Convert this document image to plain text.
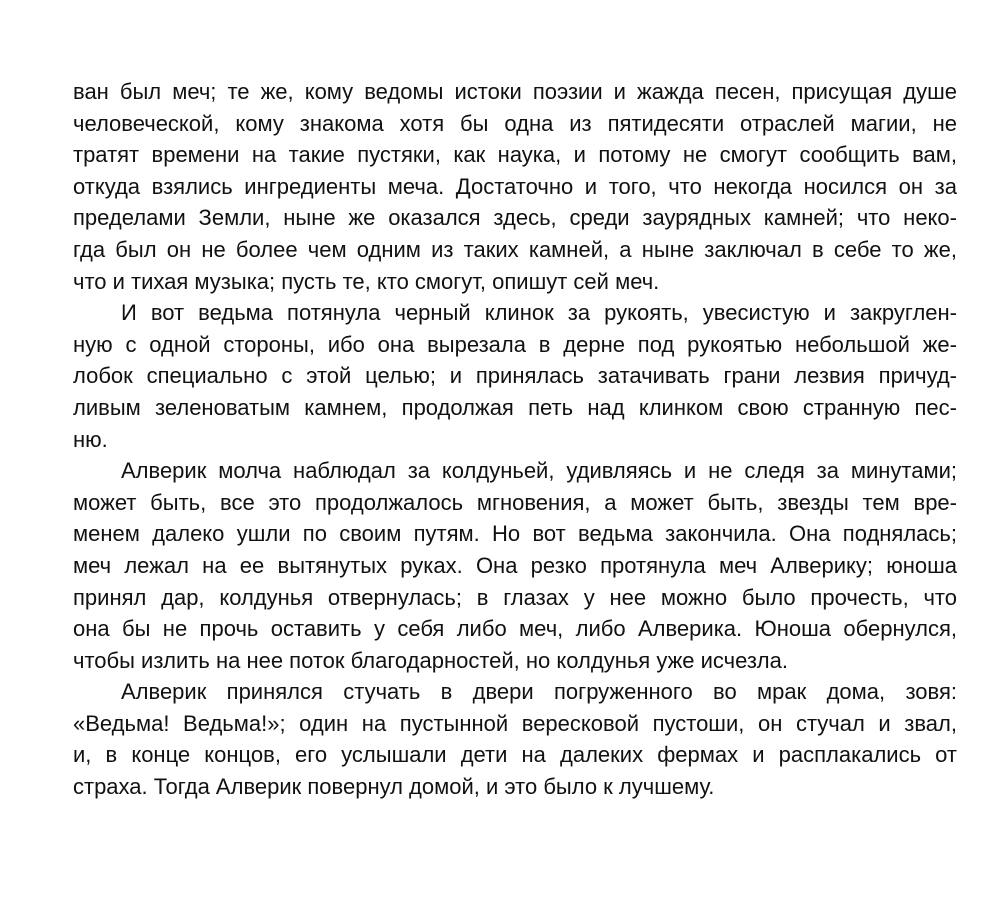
ван был меч; те же, кому ведомы истоки поэзии и жажда песен, присущая душе
человеческой, кому знакома хотя бы одна из пятидесяти отраслей магии, не
тратят времени на такие пустяки, как наука, и потому не смогут сообщить вам,
откуда взялись ингредиенты меча. Достаточно и того, что некогда носился он за
пределами Земли, ныне же оказался здесь, среди заурядных камней; что неко-
гда был он не более чем одним из таких камней, а ныне заключал в себе то же,
что и тихая музыка; пусть те, кто смогут, опишут сей меч.
И вот ведьма потянула черный клинок за рукоять, увесистую и закруглен-
ную с одной стороны, ибо она вырезала в дерне под рукоятью небольшой же-
лобок специально с этой целью; и принялась затачивать грани лезвия причуд-
ливым зеленоватым камнем, продолжая петь над клинком свою странную пес-
ню.
Алверик молча наблюдал за колдуньей, удивляясь и не следя за минутами;
может быть, все это продолжалось мгновения, а может быть, звезды тем вре-
менем далеко ушли по своим путям. Но вот ведьма закончила. Она поднялась;
меч лежал на ее вытянутых руках. Она резко протянула меч Алверику; юноша
принял дар, колдунья отвернулась; в глазах у нее можно было прочесть, что
она бы не прочь оставить у себя либо меч, либо Алверика. Юноша обернулся,
чтобы излить на нее поток благодарностей, но колдунья уже исчезла.
Алверик принялся стучать в двери погруженного во мрак дома, зовя:
«Ведьма! Ведьма!»; один на пустынной вересковой пустоши, он стучал и звал,
и, в конце концов, его услышали дети на далеких фермах и расплакались от
страха. Тогда Алверик повернул домой, и это было к лучшему.
